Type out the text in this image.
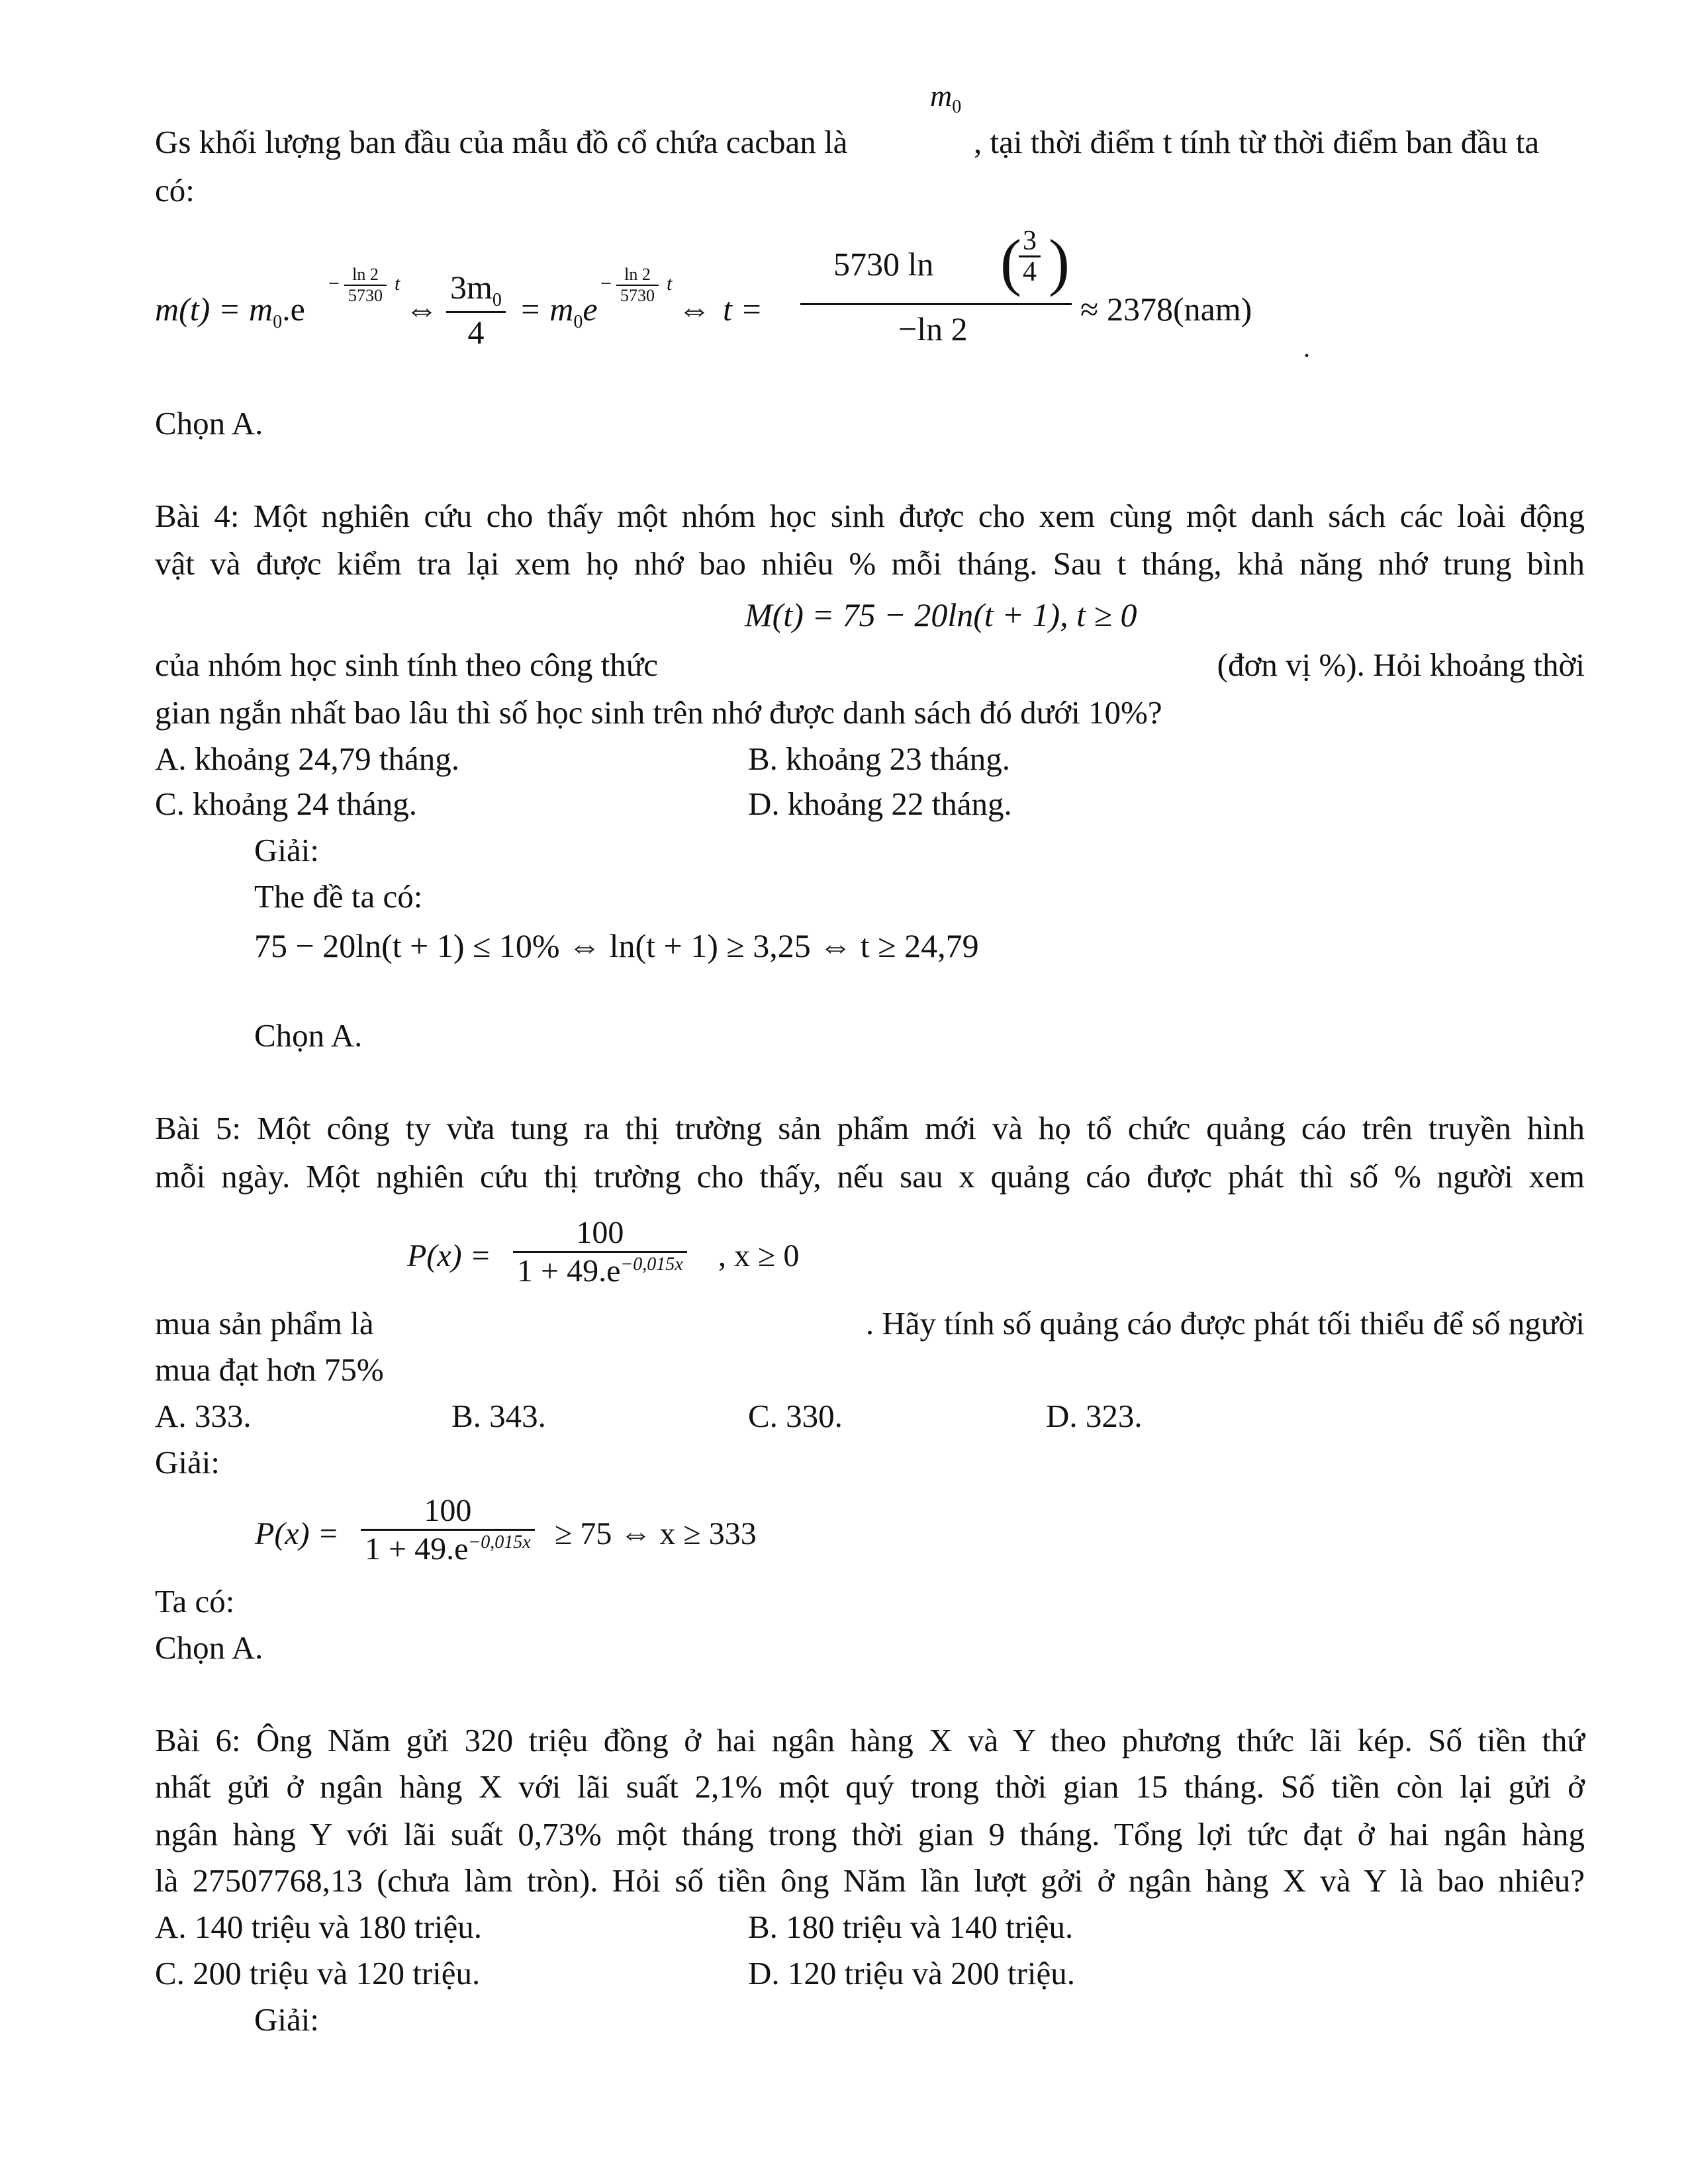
$m_0$
Gs khối lượng ban đầu của mẫu đồ cổ chứa cacban là	, tại thời điểm t tính từ thời điểm ban đầu ta
có:
$m(t) = m_0.e$
− $\frac{\ln 2}{5730}$ t
⇔ $\frac{3m_0}{4} = m_0e$
− $\frac{\ln 2}{5730}$ t
⇔ t =
5730 ln (
$\frac{3}{4}$ )
−ln 2
≈ 2378(nam)
.
Chọn A.
Bài 4: Một nghiên cứu cho thấy một nhóm học sinh được cho xem cùng một danh sách các loài động
vật và được kiểm tra lại xem họ nhớ bao nhiêu % mỗi tháng. Sau t tháng, khả năng nhớ trung bình
M(t) = 75 − 20ln(t + 1), t ≥ 0
của nhóm học sinh tính theo công thức	(đơn vị %). Hỏi khoảng thời
gian ngắn nhất bao lâu thì số học sinh trên nhớ được danh sách đó dưới 10%?
A. khoảng 24,79 tháng.	B. khoảng 23 tháng.
C. khoảng 24 tháng.	D. khoảng 22 tháng.
Giải:
The đề ta có:
75 − 20ln(t + 1) ≤ 10% ⇔ ln(t + 1) ≥ 3,25 ⇔ t ≥ 24,79
Chọn A.
Bài 5: Một công ty vừa tung ra thị trường sản phẩm mới và họ tổ chức quảng cáo trên truyền hình
mỗi ngày. Một nghiên cứu thị trường cho thấy, nếu sau x quảng cáo được phát thì số % người xem
$P(x) = \frac{100}{1 + 49.e^{-0,015x}}$ , x ≥ 0
mua sản phẩm là	. Hãy tính số quảng cáo được phát tối thiểu để số người
mua đạt hơn 75%
A. 333.	B. 343.	C. 330.	D. 323.
Giải:
$P(x) = \frac{100}{1 + 49.e^{-0,015x}} \ge 75$ ⇔ x ≥ 333
Ta có:
Chọn A.
Bài 6: Ông Năm gửi 320 triệu đồng ở hai ngân hàng X và Y theo phương thức lãi kép. Số tiền thứ
nhất gửi ở ngân hàng X với lãi suất 2,1% một quý trong thời gian 15 tháng. Số tiền còn lại gửi ở
ngân hàng Y với lãi suất 0,73% một tháng trong thời gian 9 tháng. Tổng lợi tức đạt ở hai ngân hàng
là 27507768,13 (chưa làm tròn). Hỏi số tiền ông Năm lần lượt gởi ở ngân hàng X và Y là bao nhiêu?
A. 140 triệu và 180 triệu.	B. 180 triệu và 140 triệu.
C. 200 triệu và 120 triệu.	D. 120 triệu và 200 triệu.
Giải:
